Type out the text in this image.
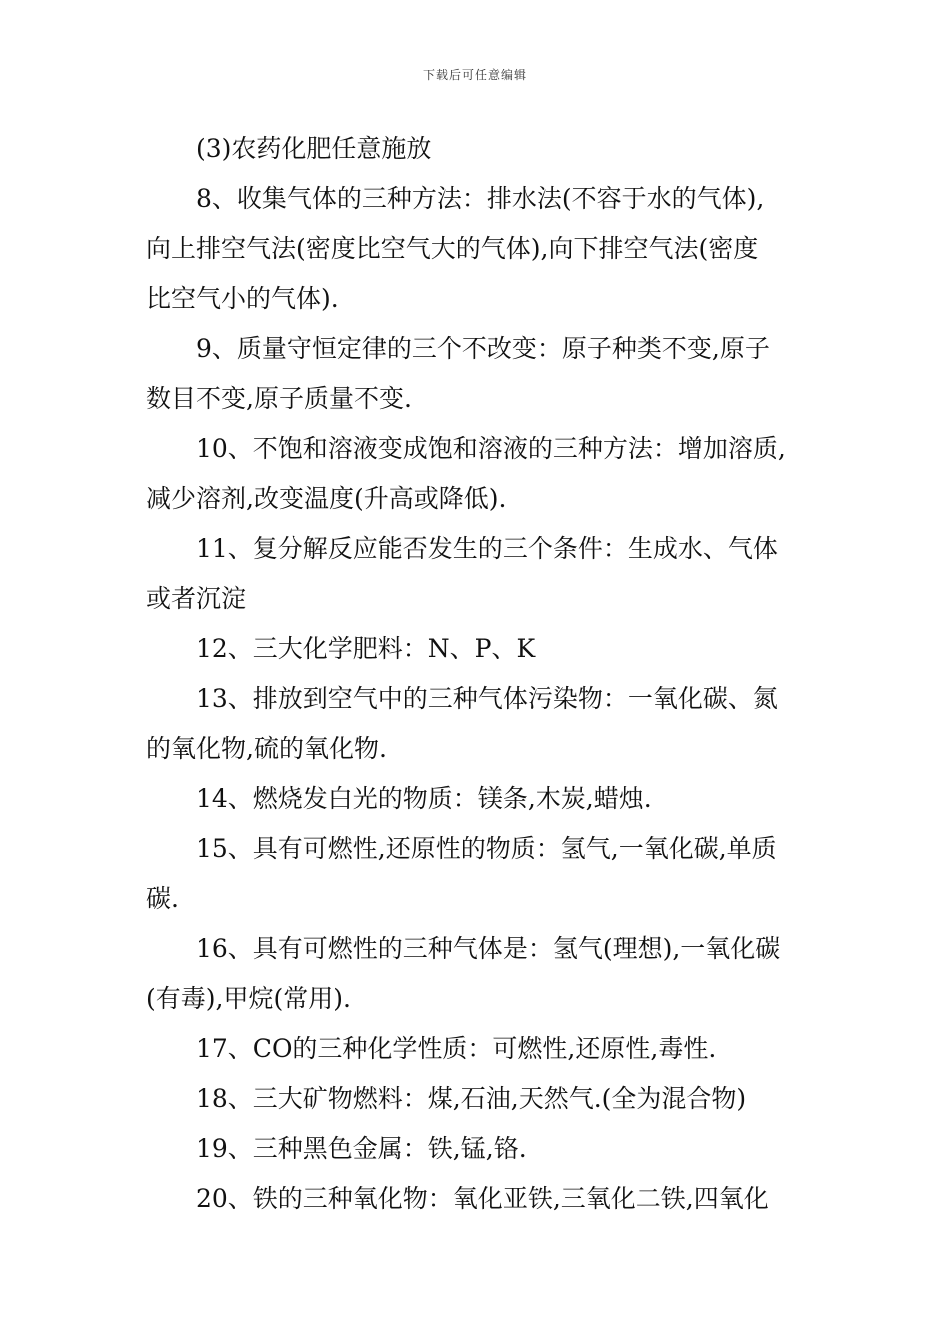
下载后可任意编辑
(3)农药化肥任意施放
8、收集气体的三种方法：排水法(不容于水的气体),
向上排空气法(密度比空气大的气体),向下排空气法(密度
比空气小的气体).
9、质量守恒定律的三个不改变：原子种类不变,原子
数目不变,原子质量不变.
10、不饱和溶液变成饱和溶液的三种方法：增加溶质,
减少溶剂,改变温度(升高或降低).
11、复分解反应能否发生的三个条件：生成水、气体
或者沉淀
12、三大化学肥料：N、P、K
13、排放到空气中的三种气体污染物：一氧化碳、氮
的氧化物,硫的氧化物.
14、燃烧发白光的物质：镁条,木炭,蜡烛.
15、具有可燃性,还原性的物质：氢气,一氧化碳,单质
碳.
16、具有可燃性的三种气体是：氢气(理想),一氧化碳
(有毒),甲烷(常用).
17、CO的三种化学性质：可燃性,还原性,毒性.
18、三大矿物燃料：煤,石油,天然气.(全为混合物)
19、三种黑色金属：铁,锰,铬.
20、铁的三种氧化物：氧化亚铁,三氧化二铁,四氧化
